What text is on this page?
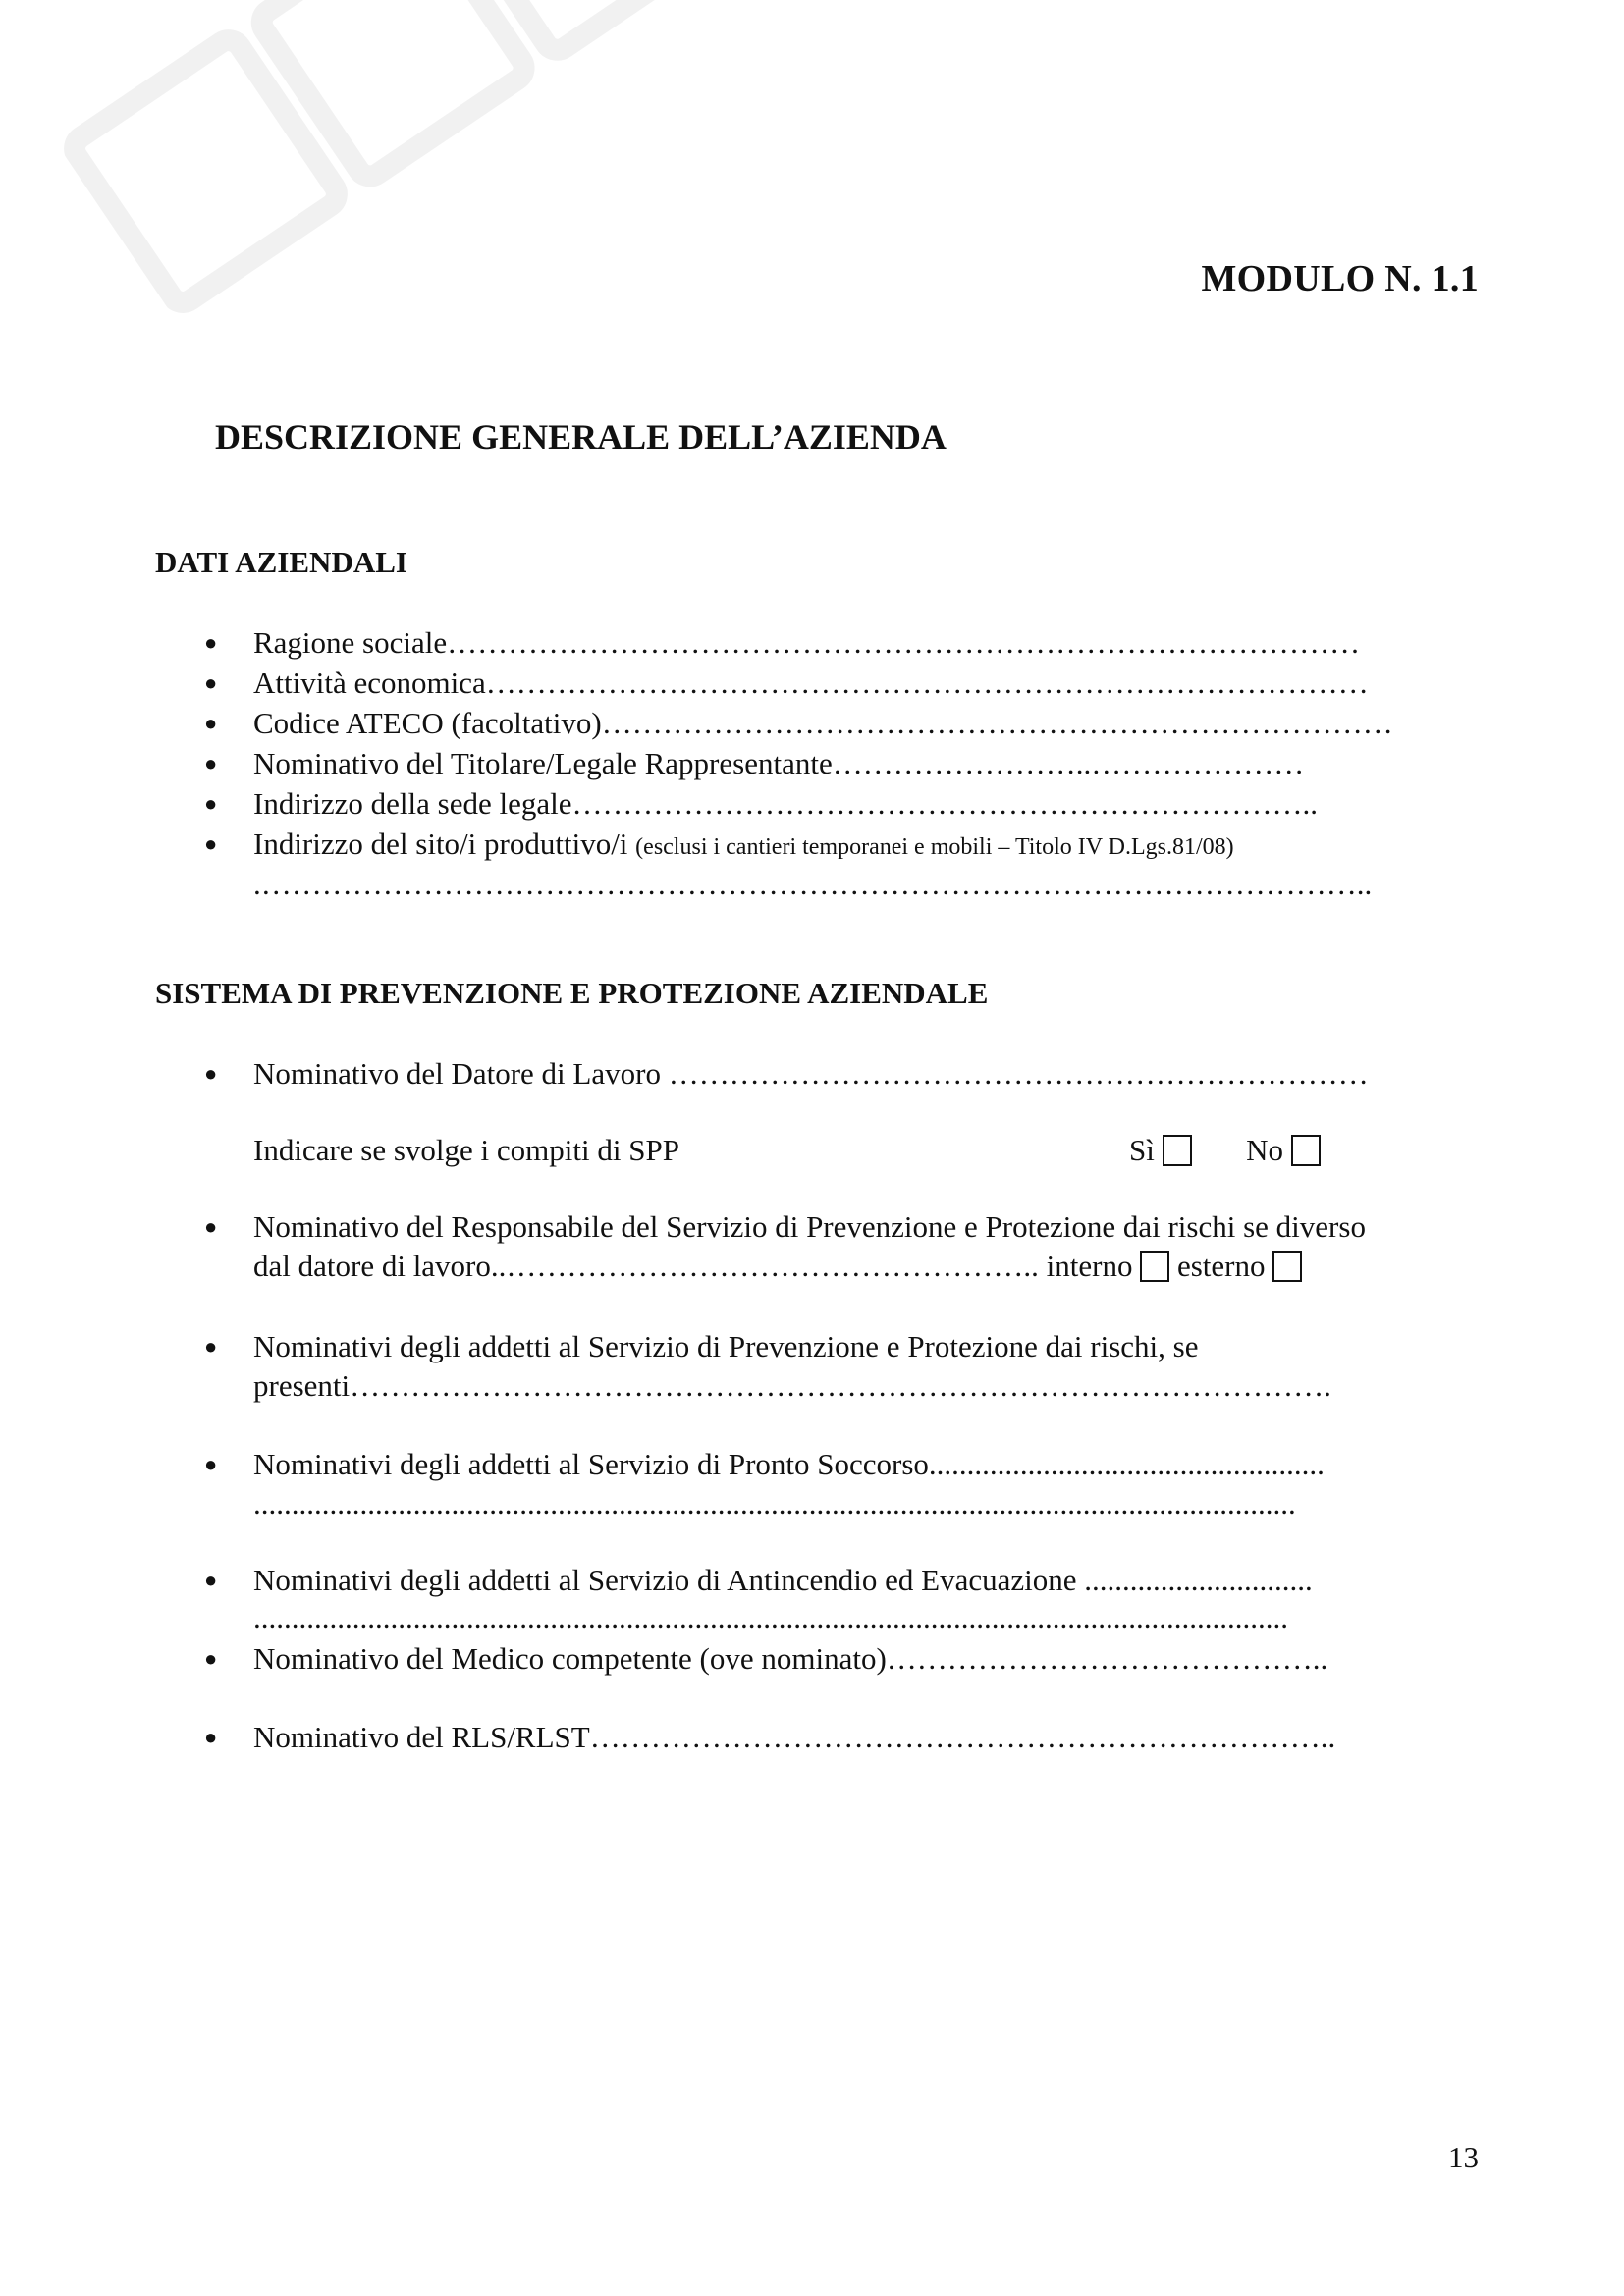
MODULO N. 1.1
DESCRIZIONE GENERALE DELL’AZIENDA
DATI AZIENDALI
● Ragione sociale………………………………………………………………………………
● Attività economica……………………………………………………………………………
● Codice ATECO (facoltativo)……………………………………………………………………
● Nominativo del Titolare/Legale Rappresentante……………………..…………………
● Indirizzo della sede legale………………………………………………………………..
● Indirizzo del sito/i produttivo/i (esclusi i cantieri temporanei e mobili – Titolo IV D.Lgs.81/08)
.………………………………………………………………………………………………..
SISTEMA DI PREVENZIONE E PROTEZIONE AZIENDALE
● Nominativo del Datore di Lavoro ……………………………………………………………
Indicare se svolge i compiti di SPP	Sì	No
● Nominativo del Responsabile del Servizio di Prevenzione e Protezione dai rischi se diverso
dal datore di lavoro..…………………………………………….. interno esterno
● Nominativi degli addetti al Servizio di Prevenzione e Protezione dai rischi, se
presenti…………………………………………………………………………………….
● Nominativi degli addetti al Servizio di Pronto Soccorso....................................................
.........................................................................................................................................
● Nominativi degli addetti al Servizio di Antincendio ed Evacuazione ..............................
........................................................................................................................................
● Nominativo del Medico competente (ove nominato)……………………………………..
● Nominativo del RLS/RLST………………………………………………………………..
13
